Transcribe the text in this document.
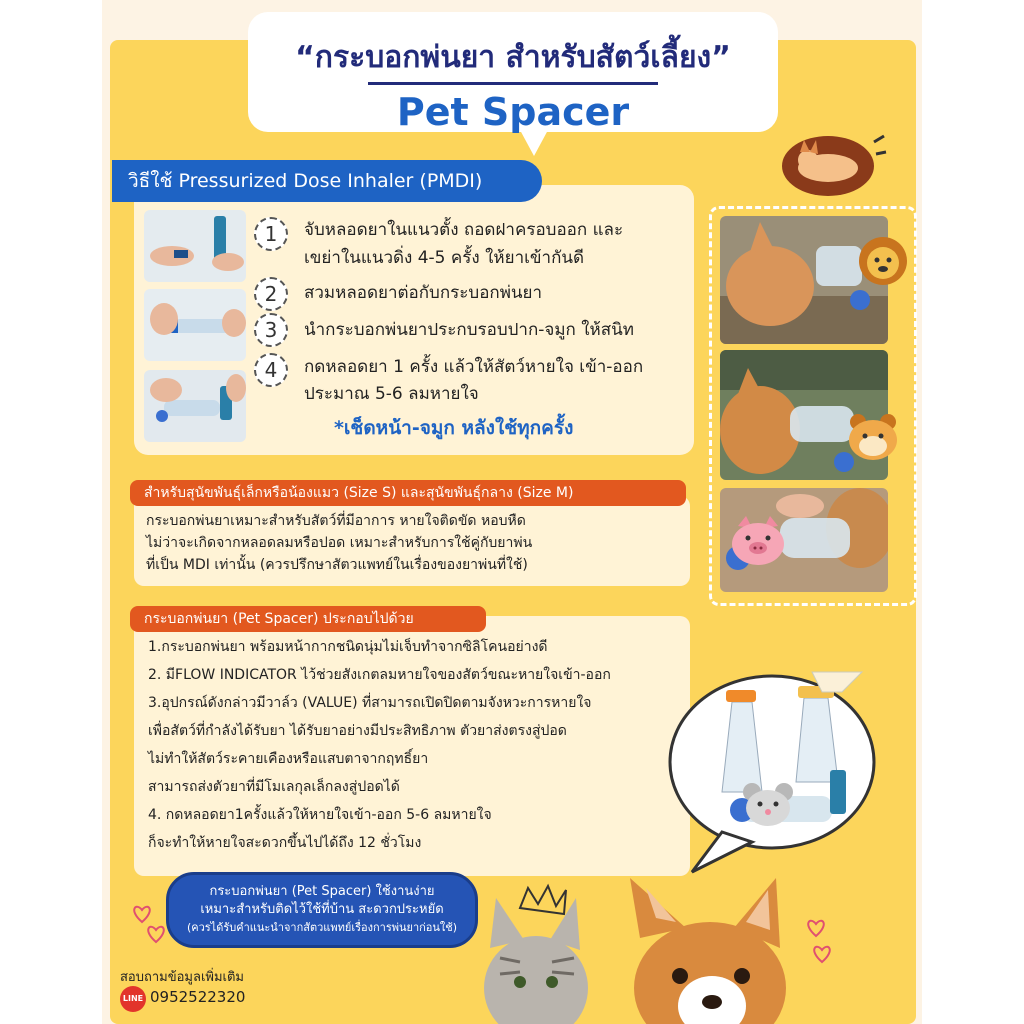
“กระบอกพ่นยา สำหรับสัตว์เลี้ยง”
Pet Spacer
1	จับหลอดยาในแนวตั้ง ถอดฝาครอบออก และ
เขย่าในแนวดิ่ง 4-5 ครั้ง ให้ยาเข้ากันดี
2	สวมหลอดยาต่อกับกระบอกพ่นยา
3	นำกระบอกพ่นยาประกบรอบปาก-จมูก ให้สนิท
4	กดหลอดยา 1 ครั้ง แล้วให้สัตว์หายใจ เข้า-ออก
ประมาณ 5-6 ลมหายใจ
*เช็ดหน้า-จมูก หลังใช้ทุกครั้ง
วิธีใช้ Pressurized Dose Inhaler (PMDI)
กระบอกพ่นยาเหมาะสำหรับสัตว์ที่มีอาการ หายใจติดขัด หอบหืด
ไม่ว่าจะเกิดจากหลอดลมหรือปอด เหมาะสำหรับการใช้คู่กับยาพ่น
ที่เป็น MDI เท่านั้น (ควรปรึกษาสัตวแพทย์ในเรื่องของยาพ่นที่ใช้)
สำหรับสุนัขพันธุ์เล็กหรือน้องแมว (Size S) และสุนัขพันธุ์กลาง (Size M)
1.กระบอกพ่นยา พร้อมหน้ากากชนิดนุ่มไม่เจ็บทำจากซิลิโคนอย่างดี
2. มีFLOW INDICATOR ไว้ช่วยสังเกตลมหายใจของสัตว์ขณะหายใจเข้า-ออก
3.อุปกรณ์ดังกล่าวมีวาล์ว (VALUE) ที่สามารถเปิดปิดตามจังหวะการหายใจ
เพื่อสัตว์ที่กำลังได้รับยา ได้รับยาอย่างมีประสิทธิภาพ ตัวยาส่งตรงสู่ปอด
ไม่ทำให้สัตว์ระคายเคืองหรือแสบตาจากฤทธิ์ยา
สามารถส่งตัวยาที่มีโมเลกุลเล็กลงสู่ปอดได้
4. กดหลอดยา1ครั้งแล้วให้หายใจเข้า-ออก 5-6 ลมหายใจ
ก็จะทำให้หายใจสะดวกขึ้นไปได้ถึง 12 ชั่วโมง
กระบอกพ่นยา (Pet Spacer) ประกอบไปด้วย
กระบอกพ่นยา (Pet Spacer) ใช้งานง่าย
เหมาะสำหรับติดไว้ใช้ที่บ้าน สะดวกประหยัด
(ควรได้รับคำแนะนำจากสัตวแพทย์เรื่องการพ่นยาก่อนใช้)
สอบถามข้อมูลเพิ่มเติม
LINE 0952522320
